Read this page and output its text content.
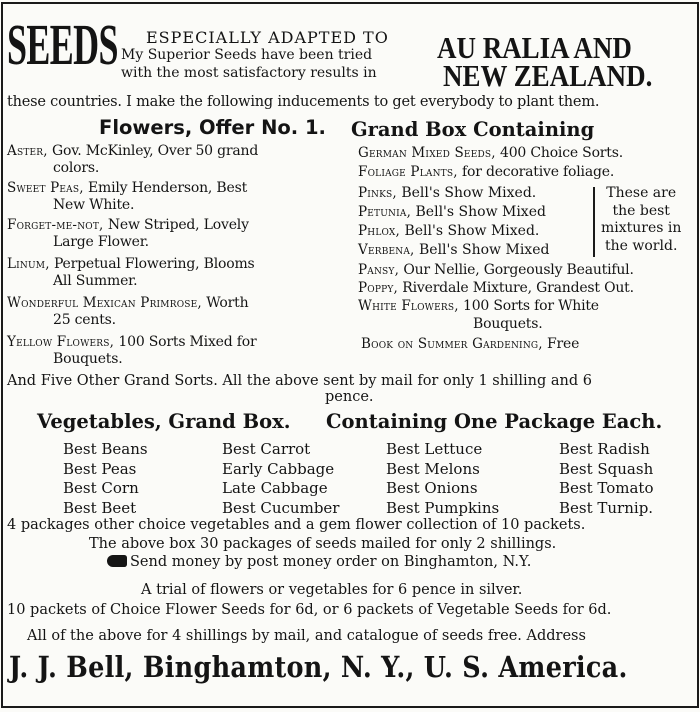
SEEDS ESPECIALLY ADAPTED TO
My Superior Seeds have been tried
with the most satisfactory results in
AU RALIA AND
NEW ZEALAND.
these countries. I make the following inducements to get everybody to plant them.
Flowers, Offer No. 1.
Aster, Gov. McKinley, Over 50 grand
colors.
Sweet Peas, Emily Henderson, Best
New White.
Forget-me-not, New Striped, Lovely
Large Flower.
Linum, Perpetual Flowering, Blooms
All Summer.
Wonderful Mexican Primrose, Worth
25 cents.
Yellow Flowers, 100 Sorts Mixed for
Bouquets.
Grand Box Containing
German Mixed Seeds, 400 Choice Sorts.
Foliage Plants, for decorative foliage.
Pinks, Bell's Show Mixed.
Petunia, Bell's Show Mixed
Phlox, Bell's Show Mixed.
Verbena, Bell's Show Mixed
These are
the best
mixtures in
the world.
Pansy, Our Nellie, Gorgeously Beautiful.
Poppy, Riverdale Mixture, Grandest Out.
White Flowers, 100 Sorts for White
Bouquets.
Book on Summer Gardening, Free
And Five Other Grand Sorts. All the above sent by mail for only 1 shilling and 6
pence.
Vegetables, Grand Box. Containing One Package Each.
Best Beans
Best Peas
Best Corn
Best Beet
Best Carrot
Early Cabbage
Late Cabbage
Best Cucumber
Best Lettuce
Best Melons
Best Onions
Best Pumpkins
Best Radish
Best Squash
Best Tomato
Best Turnip.
4 packages other choice vegetables and a gem flower collection of 10 packets.
The above box 30 packages of seeds mailed for only 2 shillings.
Send money by post money order on Binghamton, N.Y.
A trial of flowers or vegetables for 6 pence in silver.
10 packets of Choice Flower Seeds for 6d, or 6 packets of Vegetable Seeds for 6d.
All of the above for 4 shillings by mail, and catalogue of seeds free. Address
J. J. Bell, Binghamton, N. Y., U. S. America.
